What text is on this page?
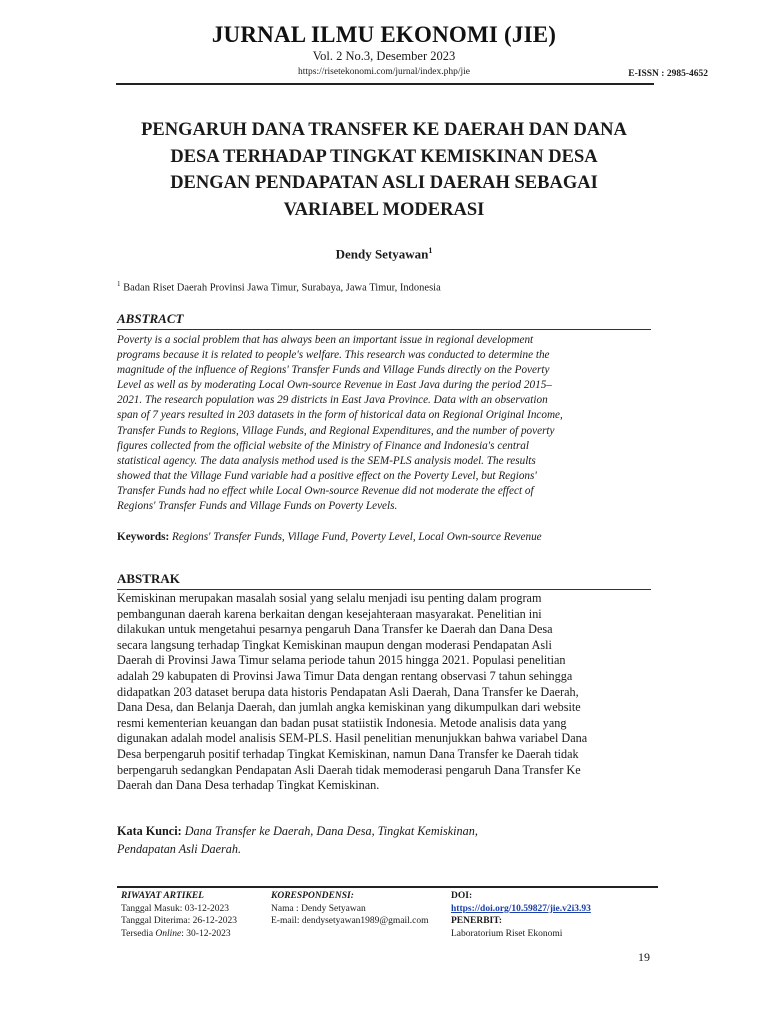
JURNAL ILMU EKONOMI (JIE)
Vol. 2 No.3, Desember 2023
https://risetekonomi.com/jurnal/index.php/jie	E-ISSN : 2985-4652
PENGARUH DANA TRANSFER KE DAERAH DAN DANA
DESA TERHADAP TINGKAT KEMISKINAN DESA
DENGAN PENDAPATAN ASLI DAERAH SEBAGAI
VARIABEL MODERASI
Dendy Setyawan$^1$
$^1$ Badan Riset Daerah Provinsi Jawa Timur, Surabaya, Jawa Timur, Indonesia
ABSTRACT
Poverty is a social problem that has always been an important issue in regional development
programs because it is related to people's welfare. This research was conducted to determine the
magnitude of the influence of Regions' Transfer Funds and Village Funds directly on the Poverty
Level as well as by moderating Local Own-source Revenue in East Java during the period 2015–
2021. The research population was 29 districts in East Java Province. Data with an observation
span of 7 years resulted in 203 datasets in the form of historical data on Regional Original Income,
Transfer Funds to Regions, Village Funds, and Regional Expenditures, and the number of poverty
figures collected from the official website of the Ministry of Finance and Indonesia's central
statistical agency. The data analysis method used is the SEM-PLS analysis model. The results
showed that the Village Fund variable had a positive effect on the Poverty Level, but Regions'
Transfer Funds had no effect while Local Own-source Revenue did not moderate the effect of
Regions' Transfer Funds and Village Funds on Poverty Levels.
Keywords: Regions' Transfer Funds, Village Fund, Poverty Level, Local Own-source Revenue
ABSTRAK
Kemiskinan merupakan masalah sosial yang selalu menjadi isu penting dalam program
pembangunan daerah karena berkaitan dengan kesejahteraan masyarakat. Penelitian ini
dilakukan untuk mengetahui pesarnya pengaruh Dana Transfer ke Daerah dan Dana Desa
secara langsung terhadap Tingkat Kemiskinan maupun dengan moderasi Pendapatan Asli
Daerah di Provinsi Jawa Timur selama periode tahun 2015 hingga 2021. Populasi penelitian
adalah 29 kabupaten di Provinsi Jawa Timur Data dengan rentang observasi 7 tahun sehingga
didapatkan 203 dataset berupa data historis Pendapatan Asli Daerah, Dana Transfer ke Daerah,
Dana Desa, dan Belanja Daerah, dan jumlah angka kemiskinan yang dikumpulkan dari website
resmi kementerian keuangan dan badan pusat statiistik Indonesia. Metode analisis data yang
digunakan adalah model analisis SEM-PLS. Hasil penelitian menunjukkan bahwa variabel Dana
Desa berpengaruh positif terhadap Tingkat Kemiskinan, namun Dana Transfer ke Daerah tidak
berpengaruh sedangkan Pendapatan Asli Daerah tidak memoderasi pengaruh Dana Transfer Ke
Daerah dan Dana Desa terhadap Tingkat Kemiskinan.
Kata Kunci: Dana Transfer ke Daerah, Dana Desa, Tingkat Kemiskinan,
Pendapatan Asli Daerah.
RIWAYAT ARTIKEL
Tanggal Masuk: 03-12-2023
Tanggal Diterima: 26-12-2023
Tersedia Online: 30-12-2023
KORESPONDENSI:
Nama : Dendy Setyawan
E-mail: dendysetyawan1989@gmail.com
DOI:
https://doi.org/10.59827/jie.v2i3.93
PENERBIT:
Laboratorium Riset Ekonomi
19
